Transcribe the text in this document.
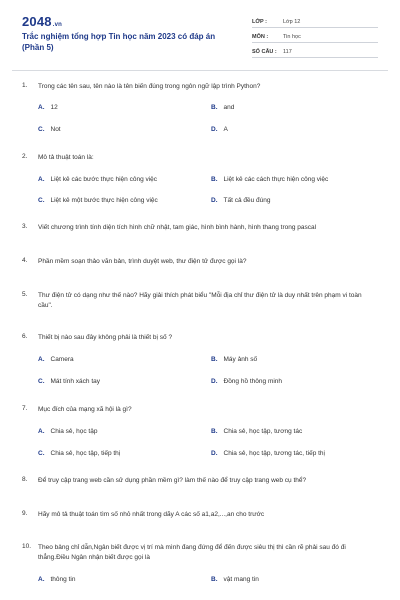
2048.vn
Trắc nghiệm tổng hợp Tin học năm 2023 có đáp án (Phần 5)
LỚP :	Lớp 12
MÔN :	Tin học
SỐ CÂU :	117
1. Trong các tên sau, tên nào là tên biến đúng trong ngôn ngữ lập trình Python?
A. 12	B. and
C. Not	D. A
2. Mô tả thuật toán là:
A. Liệt kê các bước thực hiện công việc	B. Liệt kê các cách thực hiện công việc
C. Liệt kê một bước thực hiện công việc	D. Tất cả đều đúng
3. Viết chương trình tính diện tích hình chữ nhật, tam giác, hình bình hành, hình thang trong pascal
4. Phần mềm soạn thảo văn bản, trình duyệt web, thư điện tử được gọi là?
5. Thư điện tử có dạng như thế nào? Hãy giải thích phát biểu "Mỗi địa chỉ thư điện tử là duy nhất trên phạm vi toàn cầu".
6. Thiết bị nào sau đây không phải là thiết bị số ?
A. Camera	B. Máy ảnh số
C. Mát tính xách tay	D. Đồng hồ thông minh
7. Mục đích của mạng xã hội là gì?
A. Chia sẻ, học tập	B. Chia sẻ, học tập, tương tác
C. Chia sẻ, học tập, tiếp thị	D. Chia sẻ, học tập, tương tác, tiếp thị
8. Để truy cập trang web cần sử dụng phần mềm gì? làm thế nào để truy cập trang web cụ thể?
9. Hãy mô tả thuật toán tìm số nhỏ nhất trong dãy A các số a1,a2,...,an cho trước
10. Theo bảng chỉ dẫn,Ngân biết được vị trí mà mình đang đứng để đến được siêu thị thì cần rẽ phải sau đó đi thẳng.Điều Ngân nhận biết được gọi là
A. thông tin	B. vật mang tin
